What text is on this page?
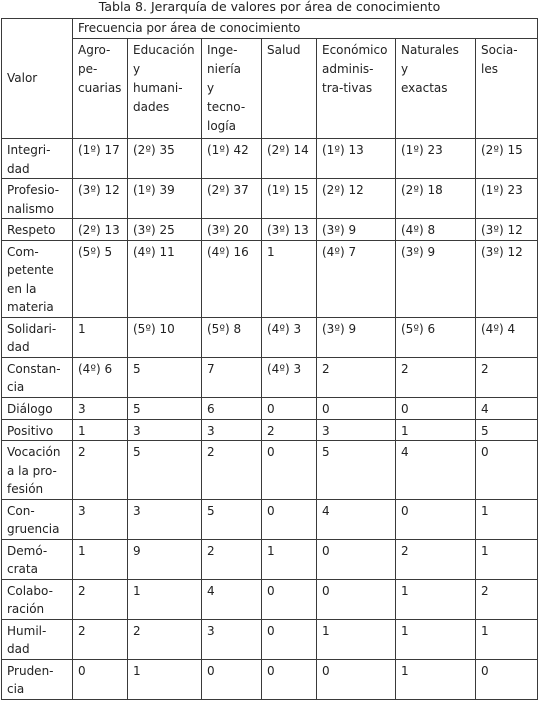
Tabla 8. Jerarquía de valores por área de conocimiento
Valor	Frecuencia por área de conocimiento						
	Agro-
pe-
cuarias	Educación
y
humani-
dades	Inge-
niería
y
tecno-
logía	Salud	Económico
adminis-
tra-tivas	Naturales
y
exactas	Socia-
les
Integri-
dad	(1º) 17	(2º) 35	(1º) 42	(2º) 14	(1º) 13	(1º) 23	(2º) 15
Profesio-
nalismo	(3º) 12	(1º) 39	(2º) 37	(1º) 15	(2º) 12	(2º) 18	(1º) 23
Respeto	(2º) 13	(3º) 25	(3º) 20	(3º) 13	(3º) 9	(4º) 8	(3º) 12
Com-
petente
en la
materia	(5º) 5	(4º) 11	(4º) 16	1	(4º) 7	(3º) 9	(3º) 12
Solidari-
dad	1	(5º) 10	(5º) 8	(4º) 3	(3º) 9	(5º) 6	(4º) 4
Constan-
cia	(4º) 6	5	7	(4º) 3	2	2	2
Diálogo	3	5	6	0	0	0	4
Positivo	1	3	3	2	3	1	5
Vocación
a la pro-
fesión	2	5	2	0	5	4	0
Con-
gruencia	3	3	5	0	4	0	1
Demó-
crata	1	9	2	1	0	2	1
Colabo-
ración	2	1	4	0	0	1	2
Humil-
dad	2	2	3	0	1	1	1
Pruden-
cia	0	1	0	0	0	1	0
